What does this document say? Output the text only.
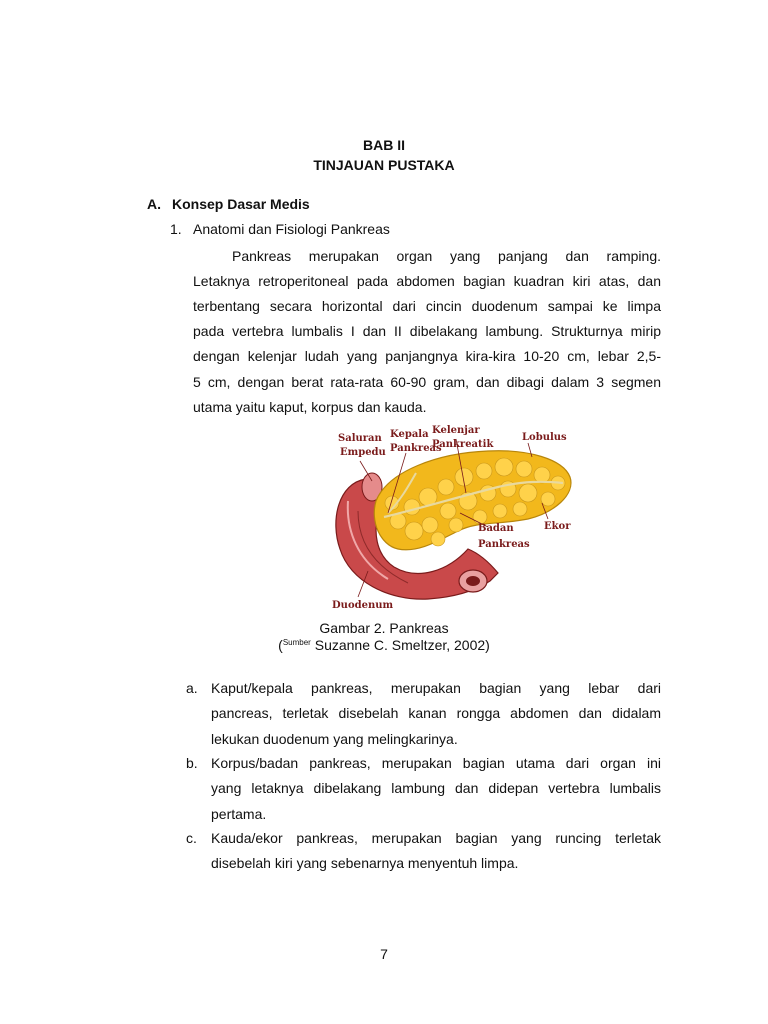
BAB II
TINJAUAN PUSTAKA
A. Konsep Dasar Medis
1. Anatomi dan Fisiologi Pankreas
Pankreas merupakan organ yang panjang dan ramping.
Letaknya retroperitoneal pada abdomen bagian kuadran kiri atas, dan
terbentang secara horizontal dari cincin duodenum sampai ke limpa
pada vertebra lumbalis I dan II dibelakang lambung. Strukturnya mirip
dengan kelenjar ludah yang panjangnya kira-kira 10-20 cm, lebar 2,5-
5 cm, dengan berat rata-rata 60-90 gram, dan dibagi dalam 3 segmen
utama yaitu kaput, korpus dan kauda.
Saluran
Empedu
Kepala
Pankreas
Kelenjar
Pankreatik
Lobulus
Badan
Pankreas
Ekor
Duodenum
Gambar 2. Pankreas
($^{Sumber}$ Suzanne C. Smeltzer, 2002)
a. Kaput/kepala pankreas, merupakan bagian yang lebar dari
pancreas, terletak disebelah kanan rongga abdomen dan didalam
lekukan duodenum yang melingkarinya.
b. Korpus/badan pankreas, merupakan bagian utama dari organ ini
yang letaknya dibelakang lambung dan didepan vertebra lumbalis
pertama.
c.	Kauda/ekor pankreas, merupakan bagian yang runcing terletak
disebelah kiri yang sebenarnya menyentuh limpa.
7
